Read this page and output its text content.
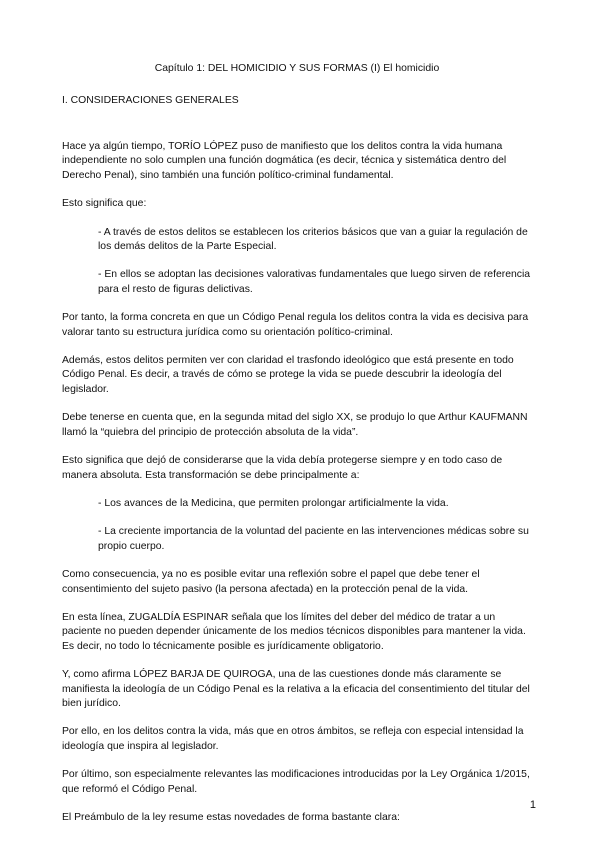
Capítulo 1: DEL HOMICIDIO Y SUS FORMAS (I) El homicidio
I. CONSIDERACIONES GENERALES

Hace ya algún tiempo, TORÍO LÓPEZ puso de manifiesto que los delitos contra la vida humana independiente no solo cumplen una función dogmática (es decir, técnica y sistemática dentro del Derecho Penal), sino también una función político-criminal fundamental.

Esto significa que:

- A través de estos delitos se establecen los criterios básicos que van a guiar la regulación de los demás delitos de la Parte Especial.

- En ellos se adoptan las decisiones valorativas fundamentales que luego sirven de referencia para el resto de figuras delictivas.

Por tanto, la forma concreta en que un Código Penal regula los delitos contra la vida es decisiva para valorar tanto su estructura jurídica como su orientación político-criminal.

Además, estos delitos permiten ver con claridad el trasfondo ideológico que está presente en todo Código Penal. Es decir, a través de cómo se protege la vida se puede descubrir la ideología del legislador.

Debe tenerse en cuenta que, en la segunda mitad del siglo XX, se produjo lo que Arthur KAUFMANN llamó la “quiebra del principio de protección absoluta de la vida”.

Esto significa que dejó de considerarse que la vida debía protegerse siempre y en todo caso de manera absoluta. Esta transformación se debe principalmente a:

- Los avances de la Medicina, que permiten prolongar artificialmente la vida.

- La creciente importancia de la voluntad del paciente en las intervenciones médicas sobre su propio cuerpo.

Como consecuencia, ya no es posible evitar una reflexión sobre el papel que debe tener el consentimiento del sujeto pasivo (la persona afectada) en la protección penal de la vida.

En esta línea, ZUGALDÍA ESPINAR señala que los límites del deber del médico de tratar a un paciente no pueden depender únicamente de los medios técnicos disponibles para mantener la vida. Es decir, no todo lo técnicamente posible es jurídicamente obligatorio.

Y, como afirma LÓPEZ BARJA DE QUIROGA, una de las cuestiones donde más claramente se manifiesta la ideología de un Código Penal es la relativa a la eficacia del consentimiento del titular del bien jurídico.

Por ello, en los delitos contra la vida, más que en otros ámbitos, se refleja con especial intensidad la ideología que inspira al legislador.

Por último, son especialmente relevantes las modificaciones introducidas por la Ley Orgánica 1/2015, que reformó el Código Penal.

El Preámbulo de la ley resume estas novedades de forma bastante clara:

1
